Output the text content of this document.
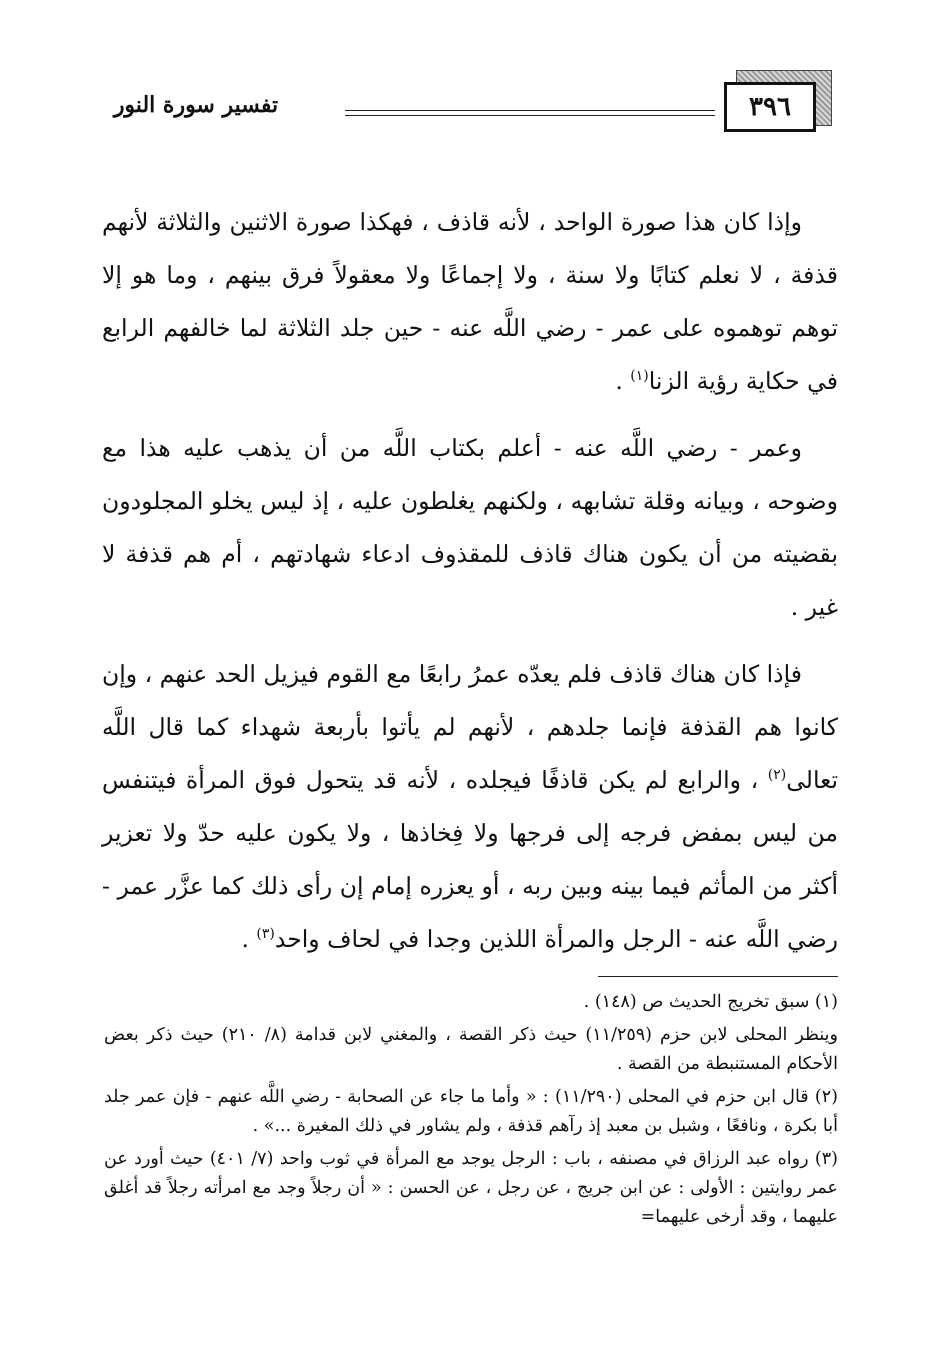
٣٩٦
تفسير سورة النور

وإذا كان هذا صورة الواحد ، لأنه قاذف ، فهكذا صورة الاثنين والثلاثة لأنهم قذفة ، لا نعلم كتابًا ولا سنة ، ولا إجماعًا ولا معقولاً فرق بينهم ، وما هو إلا توهم توهموه على عمر - رضي اللَّه عنه - حين جلد الثلاثة لما خالفهم الرابع في حكاية رؤية الزنا$^{(١)}$ .

وعمر - رضي اللَّه عنه - أعلم بكتاب اللَّه من أن يذهب عليه هذا مع وضوحه ، وبيانه وقلة تشابهه ، ولكنهم يغلطون عليه ، إذ ليس يخلو المجلودون بقضيته من أن يكون هناك قاذف للمقذوف ادعاء شهادتهم ، أم هم قذفة لا غير .

فإذا كان هناك قاذف فلم يعدّه عمرُ رابعًا مع القوم فيزيل الحد عنهم ، وإن كانوا هم القذفة فإنما جلدهم ، لأنهم لم يأتوا بأربعة شهداء كما قال اللَّه تعالى$^{(٢)}$ ، والرابع لم يكن قاذفًا فيجلده ، لأنه قد يتحول فوق المرأة فيتنفس من ليس بمفض فرجه إلى فرجها ولا فِخاذها ، ولا يكون عليه حدّ ولا تعزير أكثر من المأثم فيما بينه وبين ربه ، أو يعزره إمام إن رأى ذلك كما عزَّر عمر - رضي اللَّه عنه - الرجل والمرأة اللذين وجدا في لحاف واحد$^{(٣)}$ .

(١) سبق تخريج الحديث ص (١٤٨) .

وينظر المحلى لابن حزم (١١/٢٥٩) حيث ذكر القصة ، والمغني لابن قدامة (٨/ ٢١٠) حيث ذكر بعض الأحكام المستنبطة من القصة .

(٢) قال ابن حزم في المحلى (١١/٢٩٠) : « وأما ما جاء عن الصحابة - رضي اللَّه عنهم - فإن عمر جلد أبا بكرة ، ونافعًا ، وشبل بن معبد إذ رآهم قذفة ، ولم يشاور في ذلك المغيرة ...» .

(٣) رواه عبد الرزاق في مصنفه ، باب : الرجل يوجد مع المرأة في ثوب واحد (٧/ ٤٠١) حيث أورد عن عمر روايتين : الأولى : عن ابن جريج ، عن رجل ، عن الحسن : « أن رجلاً وجد مع امرأته رجلاً قد أغلق عليهما ، وقد أرخى عليهما=
